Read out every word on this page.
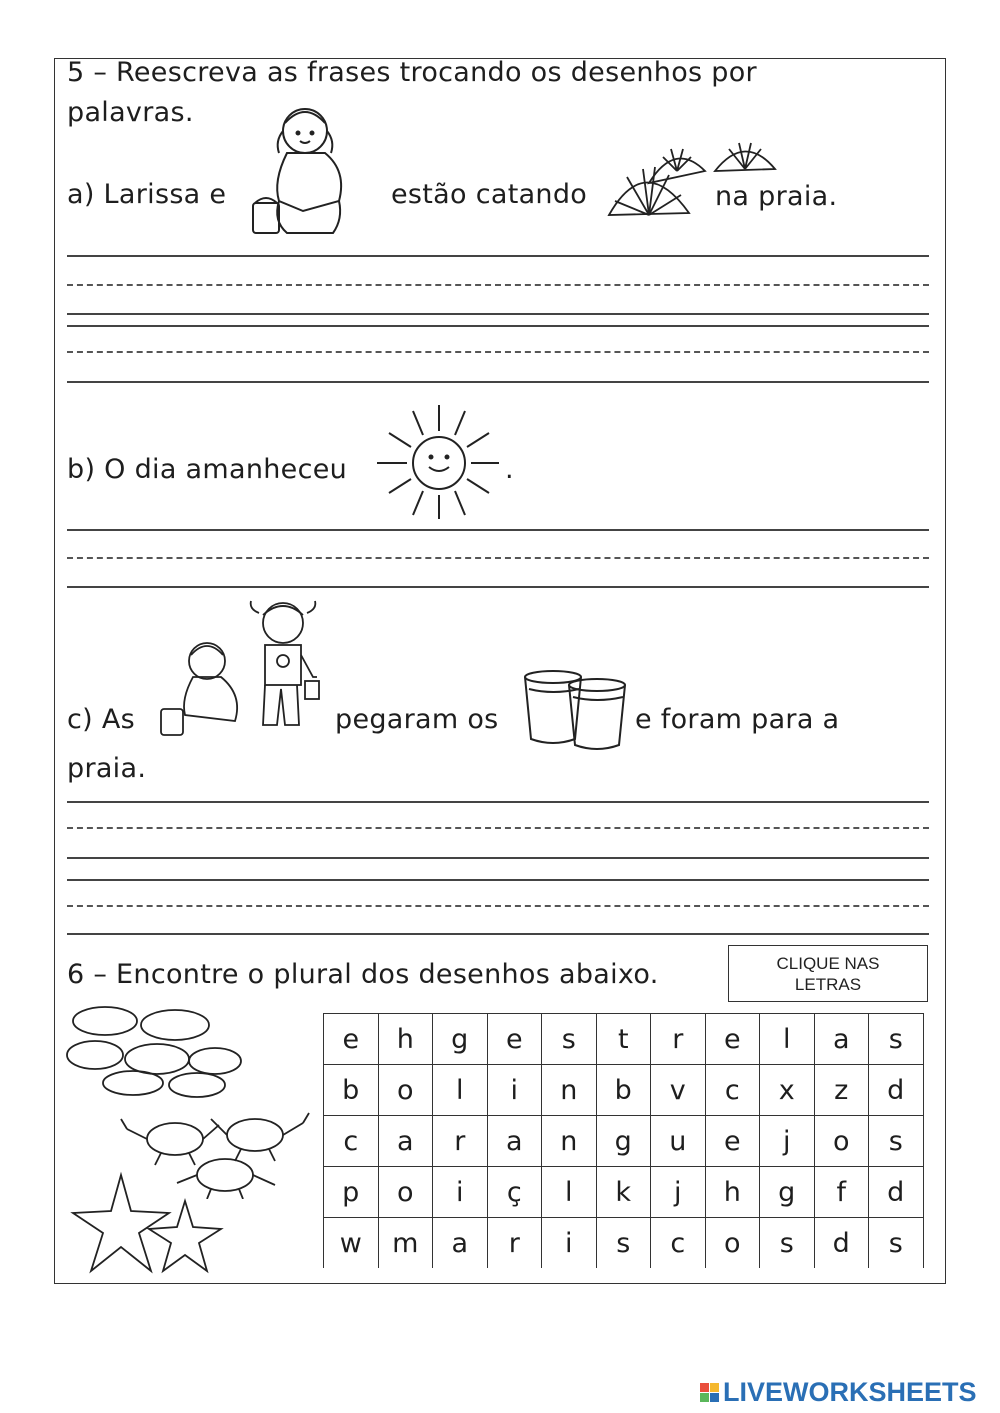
5 – Reescreva as frases trocando os desenhos por
palavras.
a) Larissa e	estão catando	na praia.
b) O dia amanheceu	.
c) As	pegaram os	e foram para a
praia.
6 – Encontre o plural dos desenhos abaixo.	CLIQUE NAS
LETRAS
e	h	g	e	s	t	r	e	l	a	s
b	o	l	i	n	b	v	c	x	z	d
c	a	r	a	n	g	u	e	j	o	s
p	o	i	ç	l	k	j	h	g	f	d
w	m	a	r	i	s	c	o	s	d	s
LIVEWORKSHEETS
